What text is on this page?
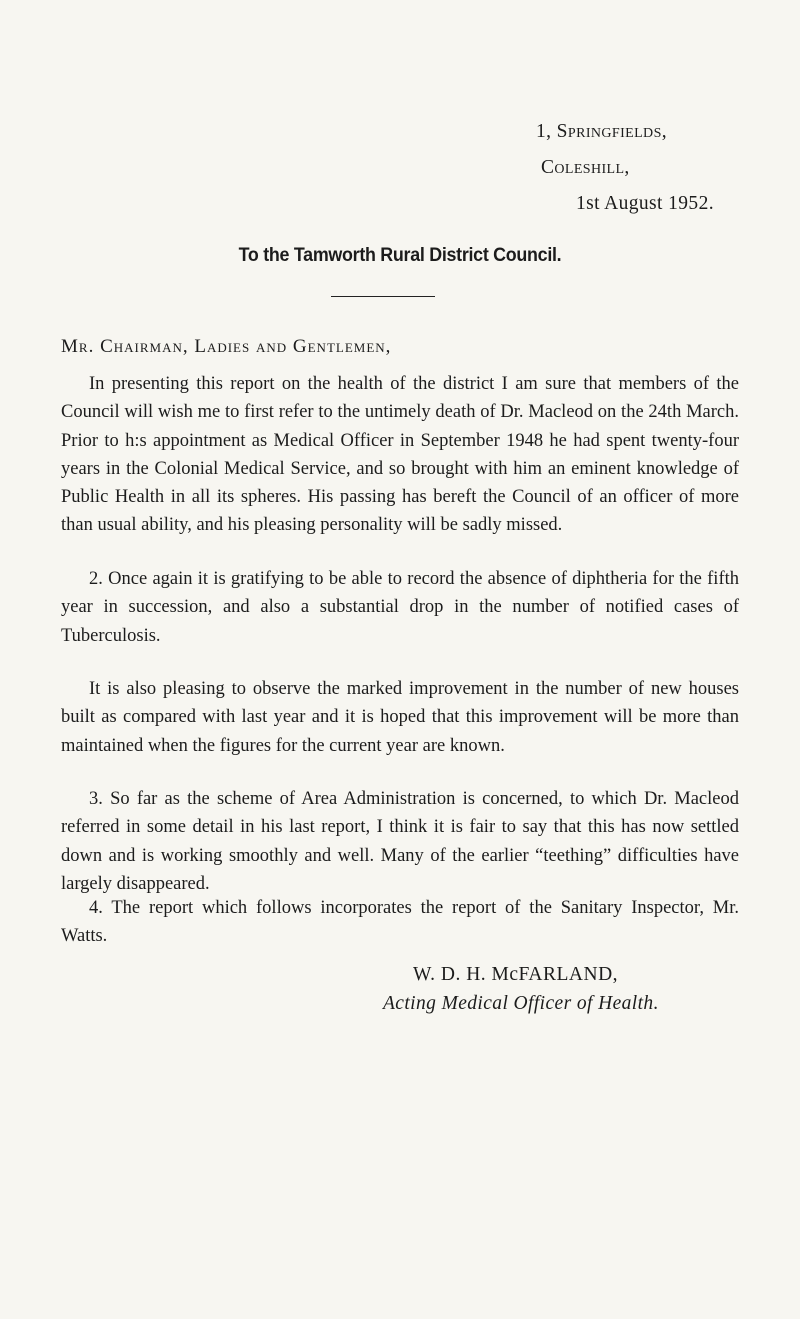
1, Springfields,
Coleshill,
1st August 1952.
To the Tamworth Rural District Council.
Mr. Chairman, Ladies and Gentlemen,

In presenting this report on the health of the district I am sure that members of the Council will wish me to first refer to the untimely death of Dr. Macleod on the 24th March. Prior to h:s appointment as Medical Officer in September 1948 he had spent twenty-four years in the Colonial Medical Service, and so brought with him an eminent knowledge of Public Health in all its spheres. His passing has bereft the Council of an officer of more than usual ability, and his pleasing personality will be sadly missed.

2. Once again it is gratifying to be able to record the absence of diphtheria for the fifth year in succession, and also a substantial drop in the number of notified cases of Tuberculosis.

It is also pleasing to observe the marked improvement in the number of new houses built as compared with last year and it is hoped that this improvement will be more than maintained when the figures for the current year are known.

3. So far as the scheme of Area Administration is concerned, to which Dr. Macleod referred in some detail in his last report, I think it is fair to say that this has now settled down and is working smoothly and well. Many of the earlier “teething” difficulties have largely disappeared.

4. The report which follows incorporates the report of the Sanitary Inspector, Mr. Watts.

W. D. H. McFARLAND,
Acting Medical Officer of Health.
